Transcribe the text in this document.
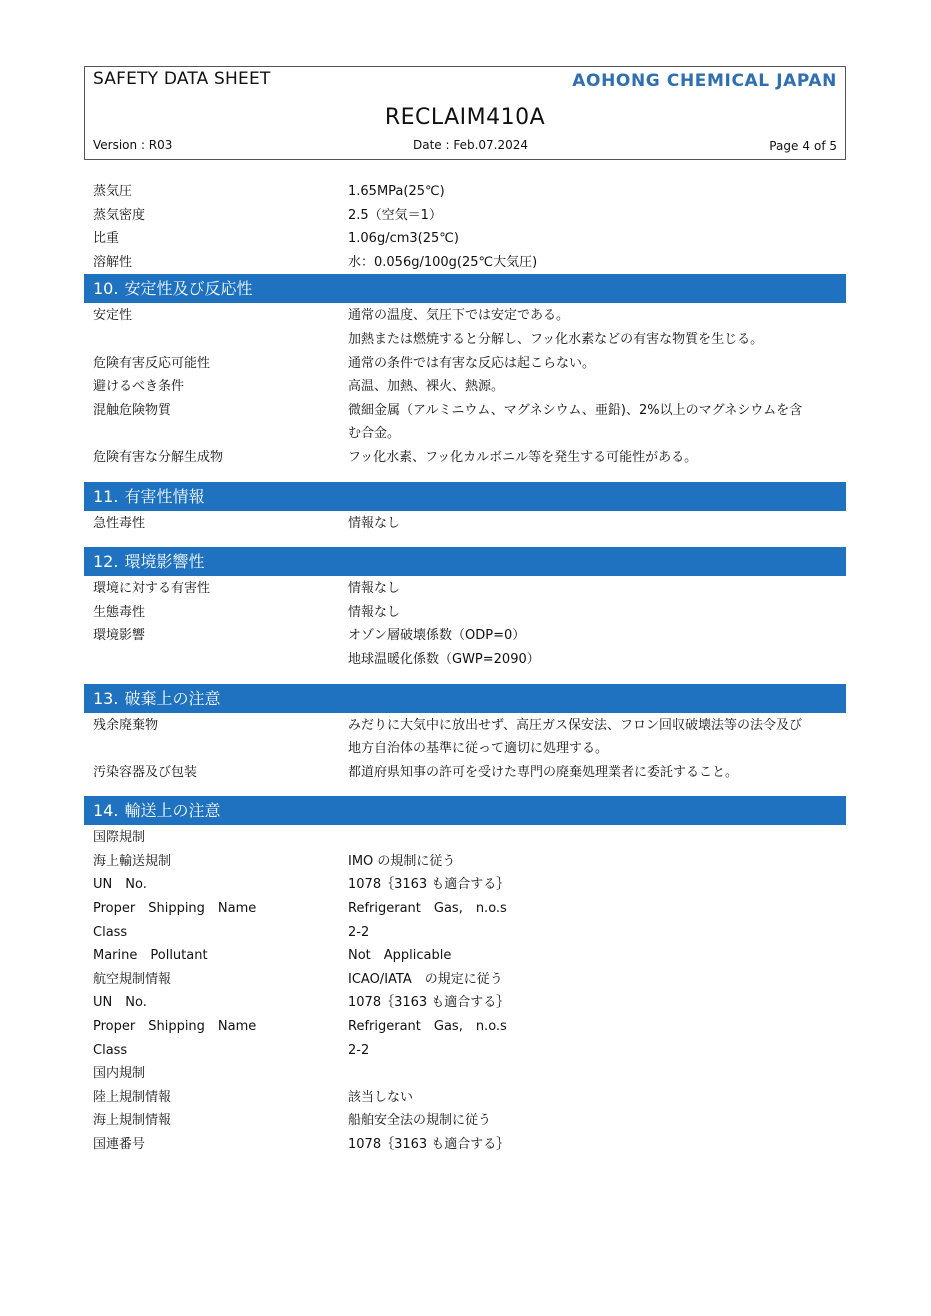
SAFETY DATA SHEET	AOHONG CHEMICAL JAPAN
RECLAIM410A
Version : R03	Date : Feb.07.2024	Page 4 of 5
蒸気圧	1.65MPa(25℃)
蒸気密度	2.5（空気＝1）
比重	1.06g/cm3(25℃)
溶解性	水：0.056g/100g(25℃大気圧)
10. 安定性及び反応性
安定性	通常の温度、気圧下では安定である。
加熱または燃焼すると分解し、フッ化水素などの有害な物質を生じる。
危険有害反応可能性	通常の条件では有害な反応は起こらない。
避けるべき条件	高温、加熱、裸火、熱源。
混触危険物質	微細金属（アルミニウム、マグネシウム、亜鉛)、2%以上のマグネシウムを含
む合金。
危険有害な分解生成物	フッ化水素、フッ化カルボニル等を発生する可能性がある。
11. 有害性情報
急性毒性	情報なし
12. 環境影響性
環境に対する有害性	情報なし
生態毒性	情報なし
環境影響	オゾン層破壊係数（ODP=0）
地球温暖化係数（GWP=2090）
13. 破棄上の注意
残余廃棄物	みだりに大気中に放出せず、高圧ガス保安法、フロン回収破壊法等の法令及び
地方自治体の基準に従って適切に処理する。
汚染容器及び包装	都道府県知事の許可を受けた専門の廃棄処理業者に委託すること。
14. 輸送上の注意
国際規制
海上輸送規制	IMO の規制に従う
UN　No.	1078｛3163 も適合する｝
Proper　Shipping　Name	Refrigerant　Gas,　n.o.s
Class	2-2
Marine　Pollutant	Not　Applicable
航空規制情報	ICAO/IATA　の規定に従う
UN　No.	1078｛3163 も適合する｝
Proper　Shipping　Name	Refrigerant　Gas,　n.o.s
Class	2-2
国内規制
陸上規制情報	該当しない
海上規制情報	船舶安全法の規制に従う
国連番号	1078｛3163 も適合する｝
